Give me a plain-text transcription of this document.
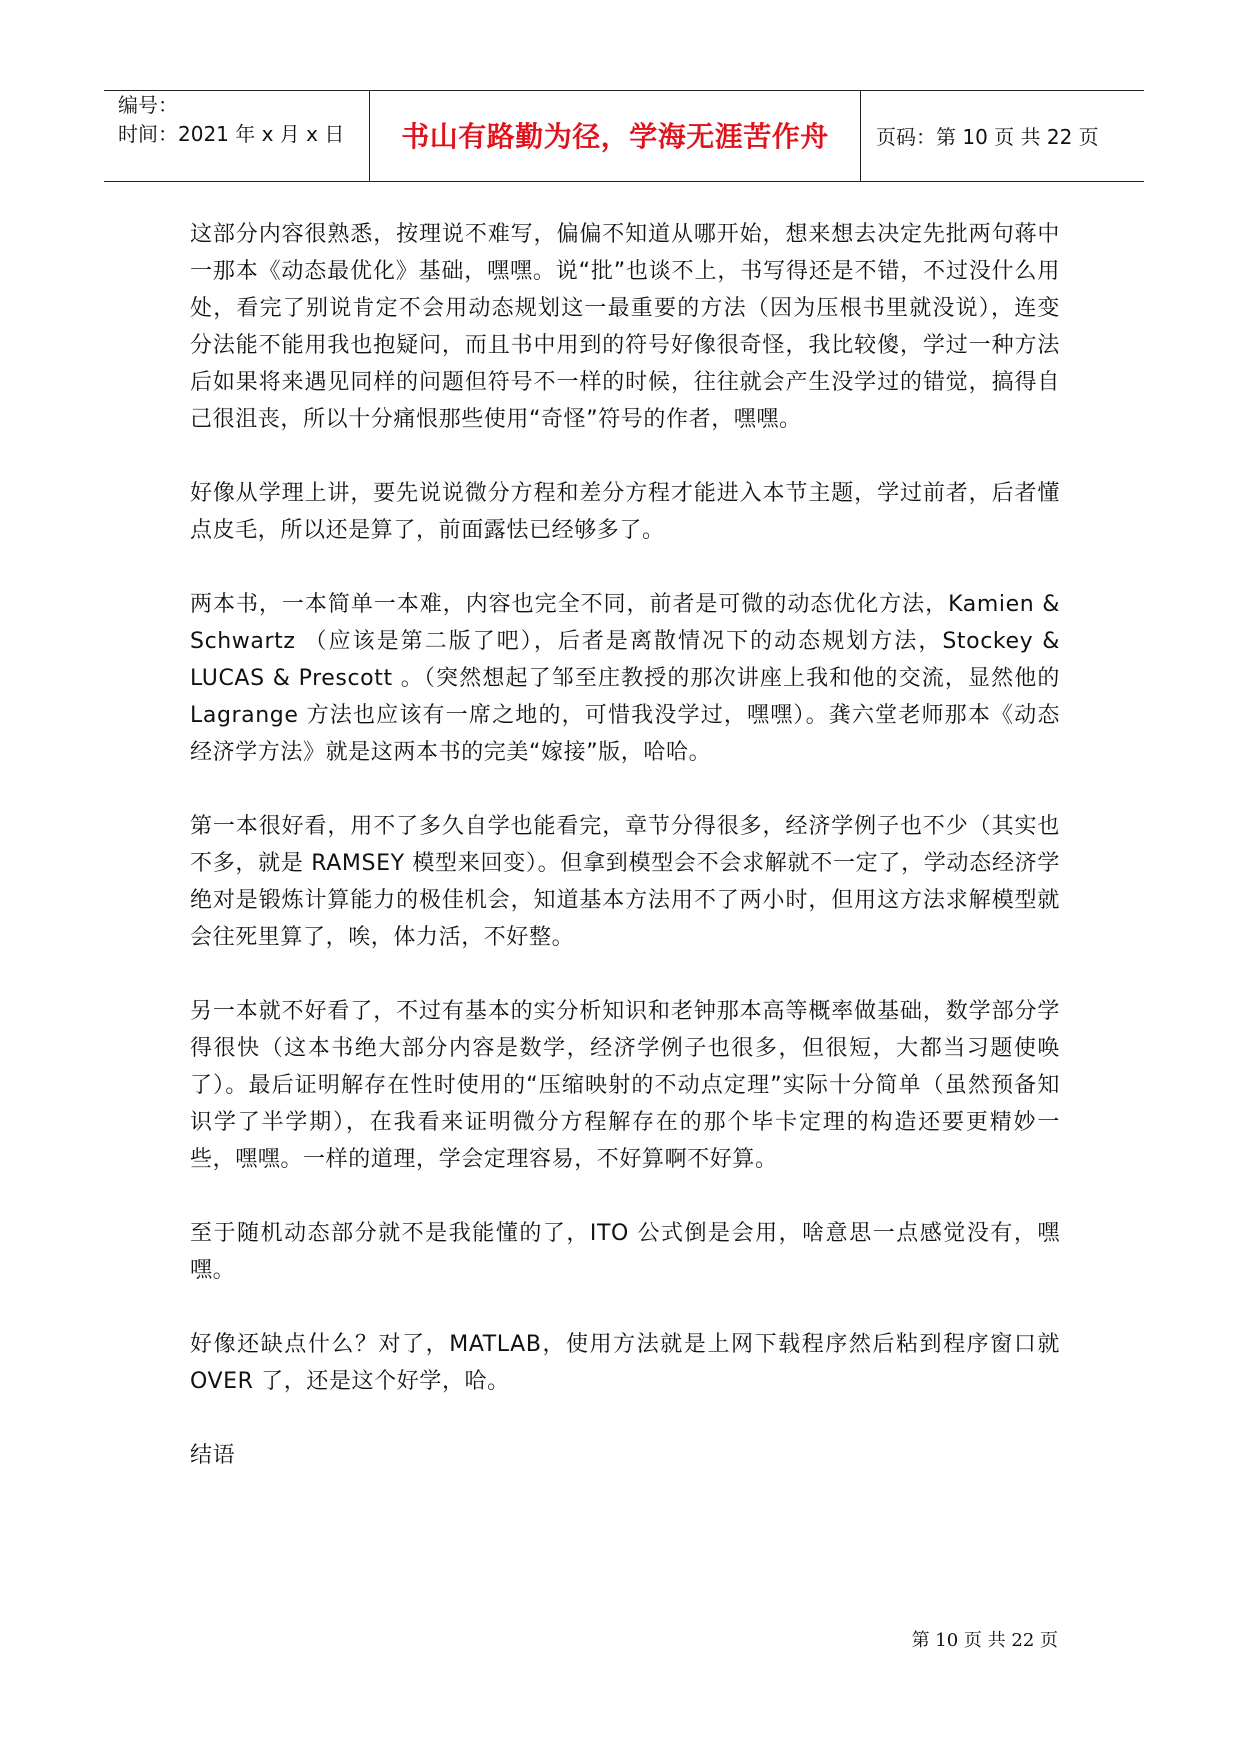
编号：
时间：2021 年 x 月 x 日	书山有路勤为径，学海无涯苦作舟	页码：第 10 页 共 22 页

这部分内容很熟悉，按理说不难写，偏偏不知道从哪开始，想来想去决定先批两句蒋中一那本《动态最优化》基础，嘿嘿。说“批”也谈不上，书写得还是不错，不过没什么用处，看完了别说肯定不会用动态规划这一最重要的方法（因为压根书里就没说），连变分法能不能用我也抱疑问，而且书中用到的符号好像很奇怪，我比较傻，学过一种方法后如果将来遇见同样的问题但符号不一样的时候，往往就会产生没学过的错觉，搞得自己很沮丧，所以十分痛恨那些使用“奇怪”符号的作者，嘿嘿。

好像从学理上讲，要先说说微分方程和差分方程才能进入本节主题，学过前者，后者懂点皮毛，所以还是算了，前面露怯已经够多了。

两本书，一本简单一本难，内容也完全不同，前者是可微的动态优化方法，Kamien & Schwartz （应该是第二版了吧），后者是离散情况下的动态规划方法，Stockey & LUCAS & Prescott 。（突然想起了邹至庄教授的那次讲座上我和他的交流，显然他的 Lagrange 方法也应该有一席之地的，可惜我没学过，嘿嘿）。龚六堂老师那本《动态经济学方法》就是这两本书的完美“嫁接”版，哈哈。

第一本很好看，用不了多久自学也能看完，章节分得很多，经济学例子也不少（其实也不多，就是 RAMSEY 模型来回变）。但拿到模型会不会求解就不一定了，学动态经济学绝对是锻炼计算能力的极佳机会，知道基本方法用不了两小时，但用这方法求解模型就会往死里算了，唉，体力活，不好整。

另一本就不好看了，不过有基本的实分析知识和老钟那本高等概率做基础，数学部分学得很快（这本书绝大部分内容是数学，经济学例子也很多，但很短，大都当习题使唤了）。最后证明解存在性时使用的“压缩映射的不动点定理”实际十分简单（虽然预备知识学了半学期），在我看来证明微分方程解存在的那个毕卡定理的构造还要更精妙一些，嘿嘿。一样的道理，学会定理容易，不好算啊不好算。

至于随机动态部分就不是我能懂的了，ITO 公式倒是会用，啥意思一点感觉没有，嘿嘿。

好像还缺点什么？对了，MATLAB，使用方法就是上网下载程序然后粘到程序窗口就 OVER 了，还是这个好学，哈。

结语

第 10 页 共 22 页
